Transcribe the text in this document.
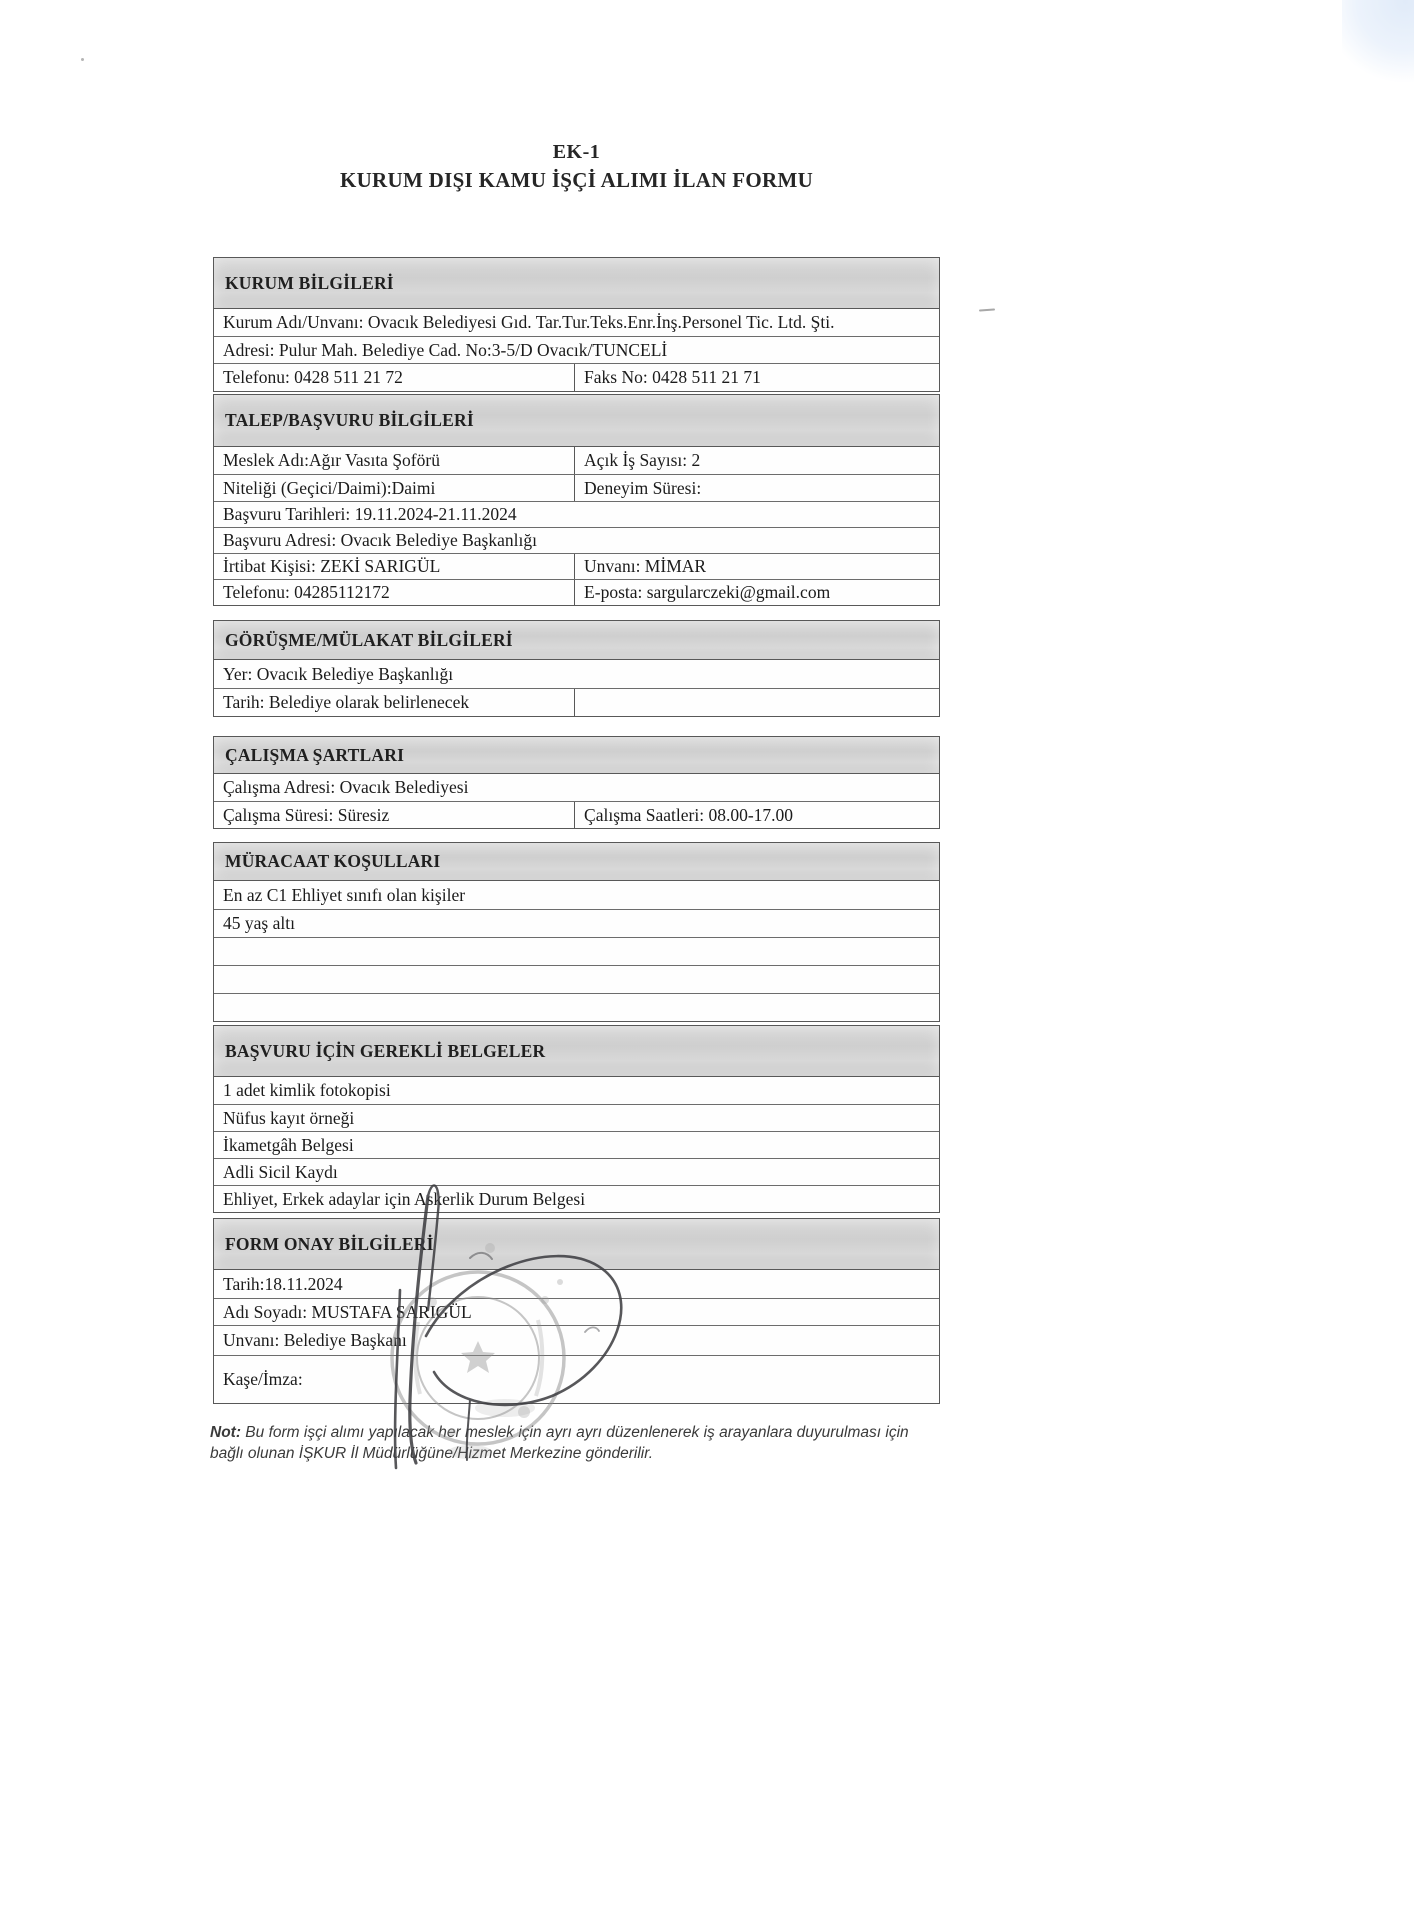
EK-1
KURUM DIŞI KAMU İŞÇİ ALIMI İLAN FORMU
KURUM BİLGİLERİ
Kurum Adı/Unvanı: Ovacık Belediyesi Gıd. Tar.Tur.Teks.Enr.İnş.Personel Tic. Ltd. Şti.
Adresi: Pulur Mah. Belediye Cad. No:3-5/D Ovacık/TUNCELİ
Telefonu: 0428 511 21 72	Faks No: 0428 511 21 71
TALEP/BAŞVURU BİLGİLERİ
Meslek Adı:Ağır Vasıta Şoförü	Açık İş Sayısı: 2
Niteliği (Geçici/Daimi):Daimi	Deneyim Süresi:
Başvuru Tarihleri: 19.11.2024-21.11.2024
Başvuru Adresi: Ovacık Belediye Başkanlığı
İrtibat Kişisi: ZEKİ SARIGÜL	Unvanı: MİMAR
Telefonu: 04285112172	E-posta: sargularczeki@gmail.com
GÖRÜŞME/MÜLAKAT BİLGİLERİ
Yer: Ovacık Belediye Başkanlığı
Tarih: Belediye olarak belirlenecek
ÇALIŞMA ŞARTLARI
Çalışma Adresi: Ovacık Belediyesi
Çalışma Süresi: Süresiz	Çalışma Saatleri: 08.00-17.00
MÜRACAAT KOŞULLARI
En az C1 Ehliyet sınıfı olan kişiler
45 yaş altı
BAŞVURU İÇİN GEREKLİ BELGELER
1 adet kimlik fotokopisi
Nüfus kayıt örneği
İkametgâh Belgesi
Adli Sicil Kaydı
Ehliyet, Erkek adaylar için Askerlik Durum Belgesi
FORM ONAY BİLGİLERİ
Tarih:18.11.2024
Adı Soyadı: MUSTAFA SARIGÜL
Unvanı: Belediye Başkanı
Kaşe/İmza:

Not: Bu form işçi alımı yapılacak her meslek için ayrı ayrı düzenlenerek iş arayanlara duyurulması için bağlı olunan İŞKUR İl Müdürlüğüne/Hizmet Merkezine gönderilir.
